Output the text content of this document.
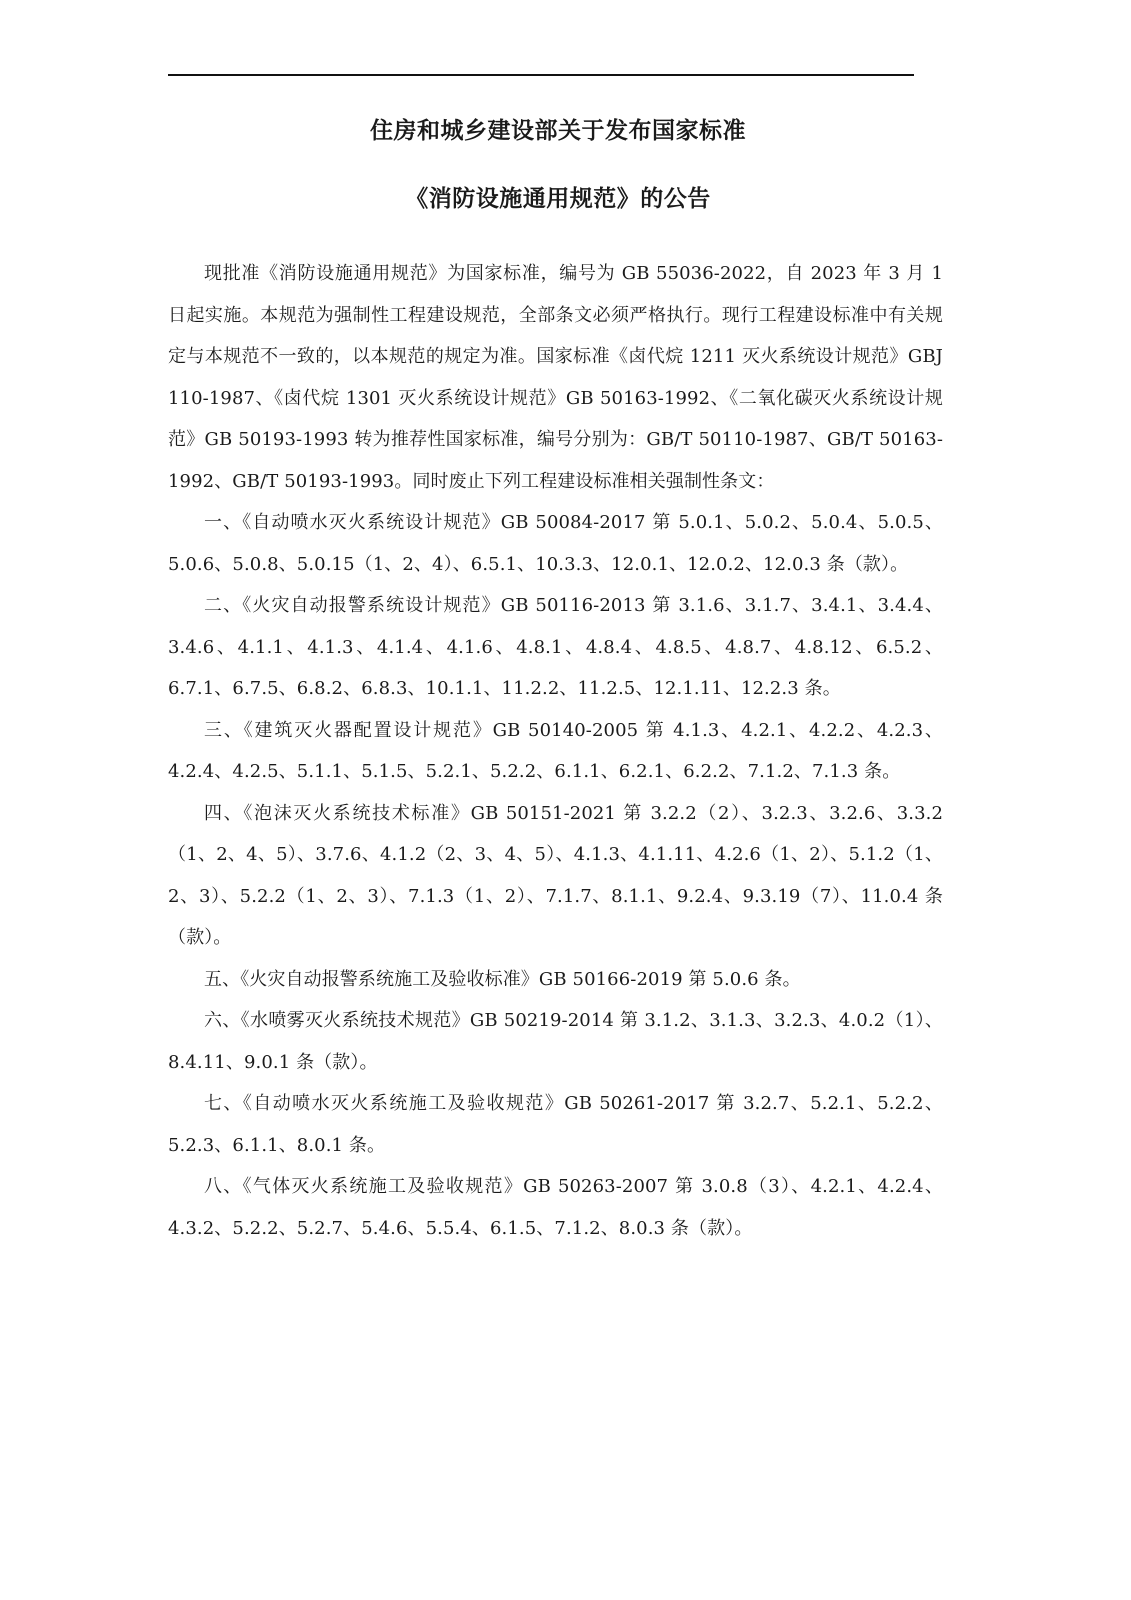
住房和城乡建设部关于发布国家标准
《消防设施通用规范》的公告

现批准《消防设施通用规范》为国家标准，编号为 GB 55036-2022，自 2023 年 3 月 1 日起实施。本规范为强制性工程建设规范，全部条文必须严格执行。现行工程建设标准中有关规定与本规范不一致的，以本规范的规定为准。国家标准《卤代烷 1211 灭火系统设计规范》GBJ 110-1987、《卤代烷 1301 灭火系统设计规范》GB 50163-1992、《二氧化碳灭火系统设计规范》GB 50193-1993 转为推荐性国家标准，编号分别为：GB/T 50110-1987、GB/T 50163-1992、GB/T 50193-1993。同时废止下列工程建设标准相关强制性条文：

一、《自动喷水灭火系统设计规范》GB 50084-2017 第 5.0.1、5.0.2、5.0.4、5.0.5、5.0.6、5.0.8、5.0.15（1、2、4）、6.5.1、10.3.3、12.0.1、12.0.2、12.0.3 条（款）。

二、《火灾自动报警系统设计规范》GB 50116-2013 第 3.1.6、3.1.7、3.4.1、3.4.4、3.4.6、4.1.1、4.1.3、4.1.4、4.1.6、4.8.1、4.8.4、4.8.5、4.8.7、4.8.12、6.5.2、6.7.1、6.7.5、6.8.2、6.8.3、10.1.1、11.2.2、11.2.5、12.1.11、12.2.3 条。

三、《建筑灭火器配置设计规范》GB 50140-2005 第 4.1.3、4.2.1、4.2.2、4.2.3、4.2.4、4.2.5、5.1.1、5.1.5、5.2.1、5.2.2、6.1.1、6.2.1、6.2.2、7.1.2、7.1.3 条。

四、《泡沫灭火系统技术标准》GB 50151-2021 第 3.2.2（2）、3.2.3、3.2.6、3.3.2（1、2、4、5）、3.7.6、4.1.2（2、3、4、5）、4.1.3、4.1.11、4.2.6（1、2）、5.1.2（1、2、3）、5.2.2（1、2、3）、7.1.3（1、2）、7.1.7、8.1.1、9.2.4、9.3.19（7）、11.0.4 条（款）。

五、《火灾自动报警系统施工及验收标准》GB 50166-2019 第 5.0.6 条。

六、《水喷雾灭火系统技术规范》GB 50219-2014 第 3.1.2、3.1.3、3.2.3、4.0.2（1）、8.4.11、9.0.1 条（款）。

七、《自动喷水灭火系统施工及验收规范》GB 50261-2017 第 3.2.7、5.2.1、5.2.2、5.2.3、6.1.1、8.0.1 条。

八、《气体灭火系统施工及验收规范》GB 50263-2007 第 3.0.8（3）、4.2.1、4.2.4、4.3.2、5.2.2、5.2.7、5.4.6、5.5.4、6.1.5、7.1.2、8.0.3 条（款）。
